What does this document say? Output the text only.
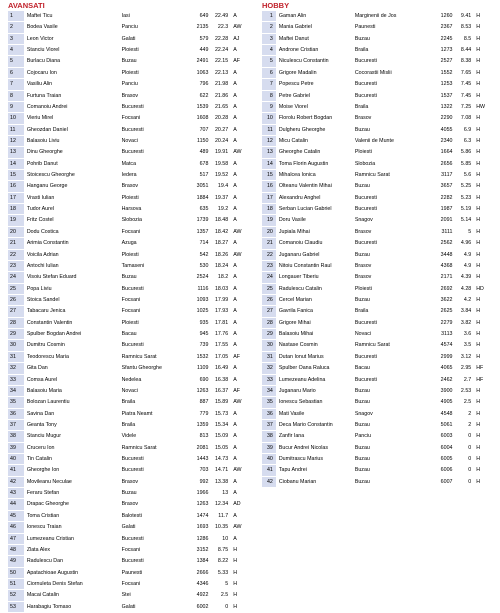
AVANSATI
1	Maftei Ticu	Iasi	649	22.49 A
2	Bodea Vasile	Panciu	2135	22.3 AW
3	Leon Victor	Galati	579	22.28 AJ
4	Stanciu Viorel	Ploiesti	449	22.24 A
5	Burlacu Diana	Buzau	2491	22.15 AF
6	Cojocaru Ion	Ploiesti	1063	22.13 A
7	Vasiliu Alin	Panciu	796	21.98 A
8	Furtuna Traian	Brasov	622	21.86 A
9	Comanoiu Andrei	Bucuresti	1539	21.65 A
10	Vieriu Mirel	Focsani	1608	20.28 A
11	Gheozdan Daniel	Bucuresti	707	20.27 A
12	Balasoiu Liviu	Novaci	1150	20.24 A
13	Dinu Gheorghe	Bucuresti	489	19.91 AW
14	Pohrib Danut	Matca	678	19.58 A
15	Stoicescu Gheorghe	Iedera	517	19.52 A
16	Hanganu George	Brasov	3051	19.4 A
17	Vrasti Iulian	Ploiesti	1884	19.37 A
18	Tudor Aurel	Harsova	635	19.2 A
19	Fritz Costel	Slobozia	1739	18.48 A
20	Dodu Costica	Focsani	1357	18.42 AW
21	Arimia Constantin	Azuga	714	18.27 A
22	Voicila Adrian	Ploiesti	542	18.26 AW
23	Antochi Iulian	Tamaseni	530	18.24 A
24	Visoiu Stefan Eduard	Buzau	2524	18.2 A
25	Popa Liviu	Bucuresti	1116	18.03 A
26	Stoica Sandel	Focsani	1093	17.99 A
27	Tabacaru Jenica	Focsani	1025	17.93 A
28	Constantin Valentin	Ploiesti	935	17.81 A
29	Spulber Bogdan Andrei	Bacau	945	17.76 A
30	Dumitru Cosmin	Bucuresti	739	17.55 A
31	Teodorescu Maria	Ramnicu Sarat	1532	17.05 AF
32	Gita Dan	Sfantu Gheorghe	1109	16.49 A
33	Comsa Aurel	Nedelea	690	16.38 A
34	Balasoiu Maria	Novaci	1263	16.37 AF
35	Bolozan Laurentiu	Braila	887	15.89 AW
36	Savina Dan	Piatra Neamt	779	15.73 A
37	Geanta Tony	Braila	1359	15.34 A
38	Stanciu Mugur	Videle	813	15.09 A
39	Cruceru Ion	Ramnicu Sarat	2081	15.05 A
40	Tin Catalin	Bucuresti	1443	14.73 A
41	Gheorghe Ion	Bucuresti	703	14.71 AW
42	Movileanu Neculae	Brasov	992	13.38 A
43	Feraru Stefan	Buzau	1966	13 A
44	Drapac Gheorghe	Brasov	1263	12.34 AD
45	Toma Cristian	Balotesti	1474	11.7 A
46	Ionescu Traian	Galati	1693	10.35 AW
47	Lumezeanu Cristian	Bucuresti	1286	10 A
48	Zlata Alex	Focsani	3152	8.75 H
49	Radulescu Dan	Bucuresti	1384	8.22 H
50	Apatachioae Augustin	Paunesti	2666	5.33 H
51	Ciornuleta Denis Stefan	Focsani	4346	5 H
52	Macai Catalin	Stei	4922	2.5 H
53	Harabagiu Tomaso	Galati	6002	0 H
HOBBY
1	Gaman Alin	Marginenii de Jos	1260	9.41 H
2	Mania Gabriel	Paunesti	2367	8.53 H
3	Maftei Danut	Buzau	2245	8.5 H
4	Androne Cristian	Braila	1273	8.44 H
5	Niculescu Constantin	Bucuresti	2527	8.38 H
6	Grigore Madalin	Cocorastii Mislii	1552	7.65 H
7	Popescu Petre	Bucuresti	1253	7.45 H
8	Petre Gabriel	Bucuresti	1537	7.45 H
9	Moise Viorel	Braila	1322	7.25 HW
10	Florolu Robert Bogdan	Brasov	2290	7.08 H
11	Dulgheru Gheorghe	Buzau	4055	6.9 H
12	Micu Catalin	Valenii de Munte	2340	6.3 H
13	Gheorghe Catalin	Ploiesti	1664	5.86 H
14	Toma Florin Augustin	Slobozia	2656	5.85 H
15	Mihalcea Ionica	Ramnicu Sarat	3117	5.6 H
16	Olteanu Valentin Mihai	Buzau	3657	5.25 H
17	Alexandru Anghel	Bucuresti	2282	5.23 H
18	Serban Lucian Gabriel	Bucuresti	1987	5.19 H
19	Doru Vasile	Snagov	2091	5.14 H
20	Jupiala Mihai	Brasov	3111	5 H
21	Comanoiu Claudiu	Bucuresti	2562	4.96 H
22	Juganaru Gabriel	Buzau	3448	4.9 H
23	Nitoiu Constantin Raul	Brasov	4368	4.9 H
24	Longauer Tiberiu	Brasov	2171	4.39 H
25	Radulescu Catalin	Ploiesti	2692	4.28 HD
26	Cercel Marian	Buzau	3622	4.2 H
27	Gavrila Fanica	Braila	2625	3.84 H
28	Grigore Mihai	Bucuresti	2279	3.82 H
29	Balasoiu Mihai	Novaci	3113	3.6 H
30	Nastase Cosmin	Ramnicu Sarat	4574	3.5 H
31	Dutan Ionut Marius	Bucuresti	2999	3.12 H
32	Spulber Oana Raluca	Bacau	4065	2.95 HF
33	Lumezeanu Adelina	Bucuresti	2462	2.7 HF
34	Juganaru Mario	Buzau	3900	2.53 H
35	Ionescu Sebastian	Buzau	4905	2.5 H
36	Mati Vasile	Snagov	4548	2 H
37	Deca Mario Constantin	Buzau	5061	2 H
38	Zanfir Iana	Panciu	6003	0 H
39	Bucur Andrei Nicolas	Buzau	6004	0 H
40	Dumitrascu Marius	Buzau	6005	0 H
41	Tapu Andrei	Buzau	6006	0 H
42	Ciobanu Marian	Buzau	6007	0 H
